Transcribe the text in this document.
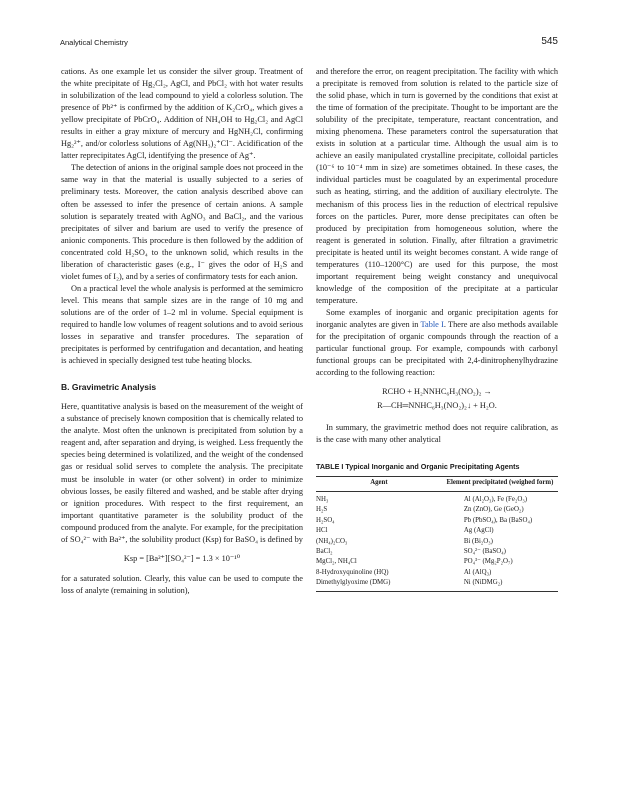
Analytical Chemistry	545

cations. As one example let us consider the silver group. Treatment of the white precipitate of Hg₂Cl₂, AgCl, and PbCl₂ with hot water results in solubilization of the lead compound to yield a colorless solution. The presence of Pb²⁺ is confirmed by the addition of K₂CrO₄, which gives a yellow precipitate of PbCrO₄. Addition of NH₄OH to Hg₂Cl₂ and AgCl results in either a gray mixture of mercury and HgNH₂Cl, confirming Hg₂²⁺, and/or colorless solutions of Ag(NH₃)₂⁺Cl⁻. Acidification of the latter reprecipitates AgCl, identifying the presence of Ag⁺.

The detection of anions in the original sample does not proceed in the same way in that the material is usually subjected to a series of preliminary tests. Moreover, the cation analysis described above can often be assessed to infer the presence of certain anions. A sample solution is separately treated with AgNO₃ and BaCl₂, and the various precipitates of silver and barium are used to verify the presence of anionic components. This procedure is then followed by the addition of concentrated cold H₂SO₄ to the unknown solid, which results in the liberation of characteristic gases (e.g., I⁻ gives the odor of H₂S and violet fumes of I₂), and by a series of confirmatory tests for each anion.

On a practical level the whole analysis is performed at the semimicro level. This means that sample sizes are in the range of 10 mg and solutions are of the order of 1–2 ml in volume. Special equipment is required to handle low volumes of reagent solutions and to avoid serious losses in separative and transfer procedures. The separation of precipitates is performed by centrifugation and decantation, and heating is achieved in specially designed test tube heating blocks.

B. Gravimetric Analysis

Here, quantitative analysis is based on the measurement of the weight of a substance of precisely known composition that is chemically related to the analyte. Most often the unknown is precipitated from solution by a reagent and, after separation and drying, is weighed. Less frequently the species being determined is volatilized, and the weight of the condensed gas or residual solid serves to complete the analysis. The precipitate must be insoluble in water (or other solvent) in order to minimize obvious losses, be easily filtered and washed, and be stable after drying or ignition procedures. With respect to the first requirement, an important quantitative parameter is the solubility product of the compound produced from the analyte. For example, for the precipitation of SO₄²⁻ with Ba²⁺, the solubility product (Ksp) for BaSO₄ is defined by

Ksp = [Ba²⁺][SO₄²⁻] = 1.3 × 10⁻¹⁰

for a saturated solution. Clearly, this value can be used to compute the loss of analyte (remaining in solution),

and therefore the error, on reagent precipitation. The facility with which a precipitate is removed from solution is related to the particle size of the solid phase, which in turn is governed by the conditions that exist at the time of formation of the precipitate. Thought to be important are the solubility of the precipitate, temperature, reactant concentration, and mixing phenomena. These parameters control the supersaturation that exists in solution at a particular time. Although the usual aim is to achieve an easily manipulated crystalline precipitate, colloidal particles (10⁻⁶ to 10⁻⁴ mm in size) are sometimes obtained. In these cases, the individual particles must be coagulated by an experimental procedure such as heating, stirring, and the addition of auxiliary electrolyte. The mechanism of this process lies in the reduction of electrical repulsive forces on the particles. Purer, more dense precipitates can often be produced by precipitation from homogeneous solution, where the reagent is generated in solution. Finally, after filtration a gravimetric precipitate is heated until its weight becomes constant. A wide range of temperatures (110–1200°C) are used for this purpose, the most important requirement being weight constancy and unequivocal knowledge of the composition of the precipitate at a particular temperature.

Some examples of inorganic and organic precipitation agents for inorganic analytes are given in Table I. There are also methods available for the precipitation of organic compounds through the reaction of a particular functional group. For example, compounds with carbonyl functional groups can be precipitated with 2,4-dinitrophenylhydrazine according to the following reaction:

RCHO + H₂NNHC₆H₃(NO₂)₂ →

R—CH═NNHC₆H₃(NO₂)₂↓ + H₂O.

In summary, the gravimetric method does not require calibration, as is the case with many other analytical

TABLE I Typical Inorganic and Organic Precipitating Agents

Agent	Element precipitated (weighed form)
NH₃	Al (Al₂O₃), Fe (Fe₂O₃)
H₂S	Zn (ZnO), Ge (GeO₂)
H₂SO₄	Pb (PbSO₄), Ba (BaSO₄)
HCl	Ag (AgCl)
(NH₄)₂CO₃	Bi (Bi₂O₃)
BaCl₂	SO₄²⁻ (BaSO₄)
MgCl₂, NH₄Cl	PO₄³⁻ (Mg₂P₂O₇)
8-Hydroxyquinoline (HQ)	Al (AlQ₃)
Dimethylglyoxime (DMG)	Ni (NiDMG₂)
